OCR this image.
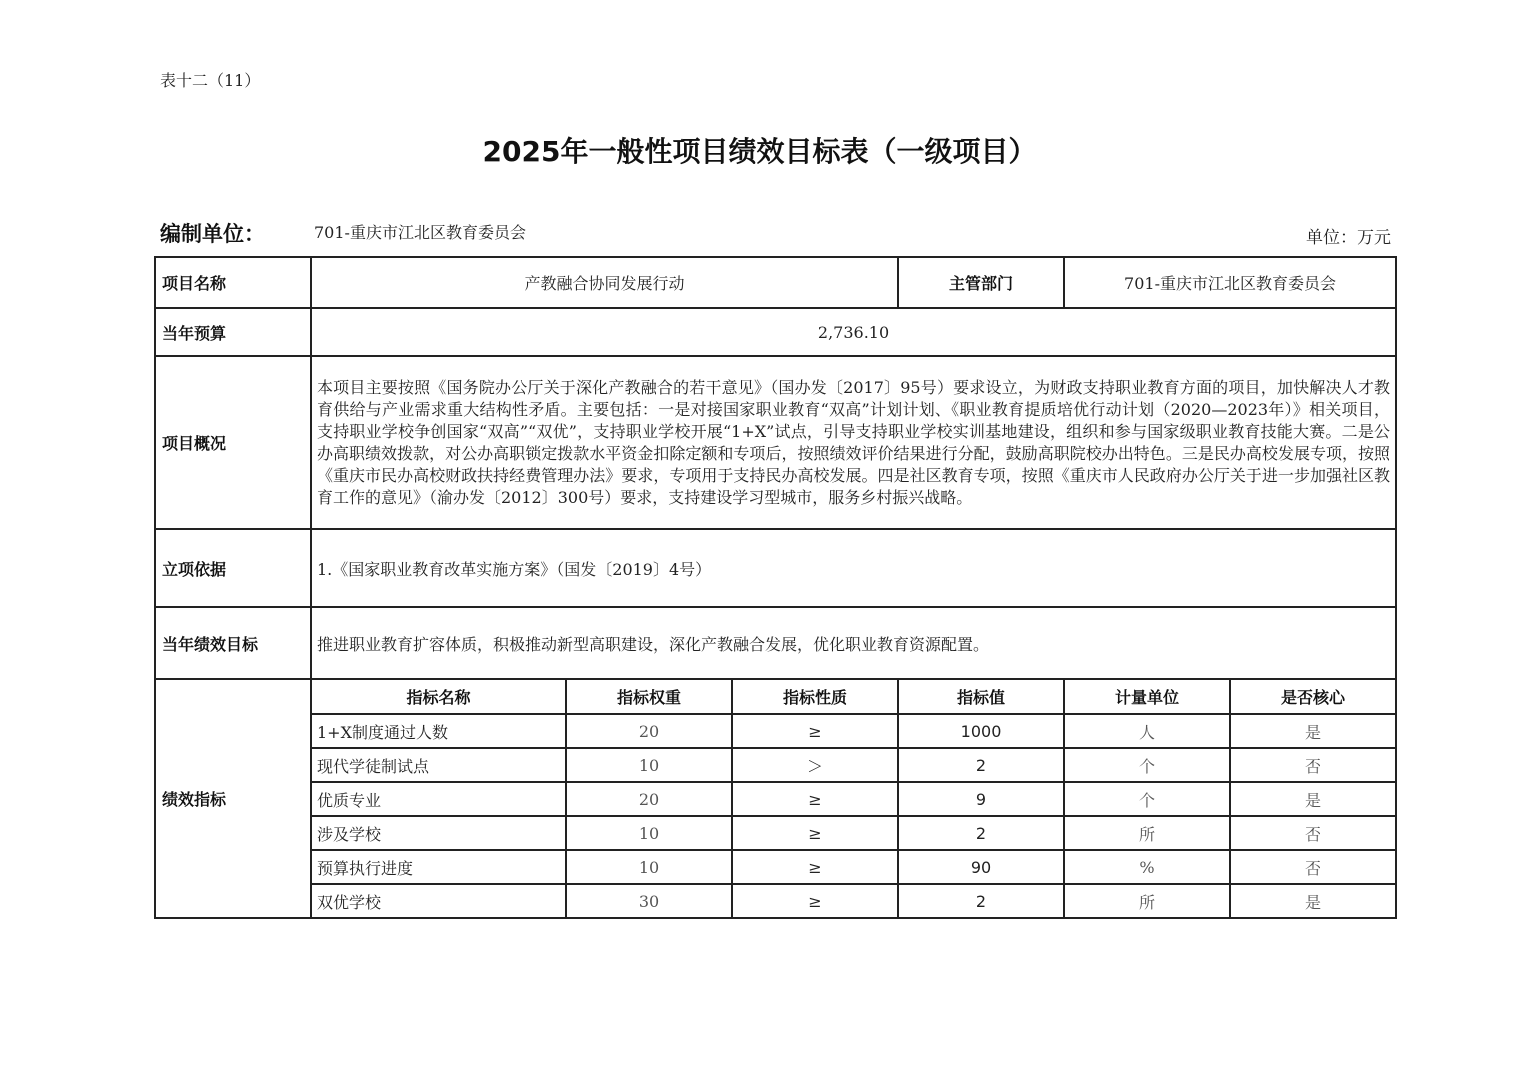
表十二（11）
2025年一般性项目绩效目标表（一级项目）
编制单位：	701-重庆市江北区教育委员会	单位：万元
项目名称	产教融合协同发展行动			主管部门	701-重庆市江北区教育委员会	
当年预算	2,736.10					
项目概况	本项目主要按照《国务院办公厅关于深化产教融合的若干意见》（国办发〔2017〕95号）要求设立，为财政支持职业教育方面的项目，加快解决人才教育供给与产业需求重大结构性矛盾。主要包括：一是对接国家职业教育“双高”计划计划、《职业教育提质培优行动计划（2020—2023年）》相关项目，支持职业学校争创国家“双高”“双优”，支持职业学校开展“1+X”试点，引导支持职业学校实训基地建设，组织和参与国家级职业教育技能大赛。二是公办高职绩效拨款，对公办高职锁定拨款水平资金扣除定额和专项后，按照绩效评价结果进行分配，鼓励高职院校办出特色。三是民办高校发展专项，按照《重庆市民办高校财政扶持经费管理办法》要求，专项用于支持民办高校发展。四是社区教育专项，按照《重庆市人民政府办公厅关于进一步加强社区教育工作的意见》（渝办发〔2012〕300号）要求，支持建设学习型城市，服务乡村振兴战略。					
立项依据	1.《国家职业教育改革实施方案》（国发〔2019〕4号）					
当年绩效目标	推进职业教育扩容体质，积极推动新型高职建设，深化产教融合发展，优化职业教育资源配置。					
绩效指标	指标名称	指标权重	指标性质	指标值	计量单位	是否核心
	1+X制度通过人数	20	≥	1000	人	是
	现代学徒制试点	10	＞	2	个	否
	优质专业	20	≥	9	个	是
	涉及学校	10	≥	2	所	否
	预算执行进度	10	≥	90	%	否
	双优学校	30	≥	2	所	是
